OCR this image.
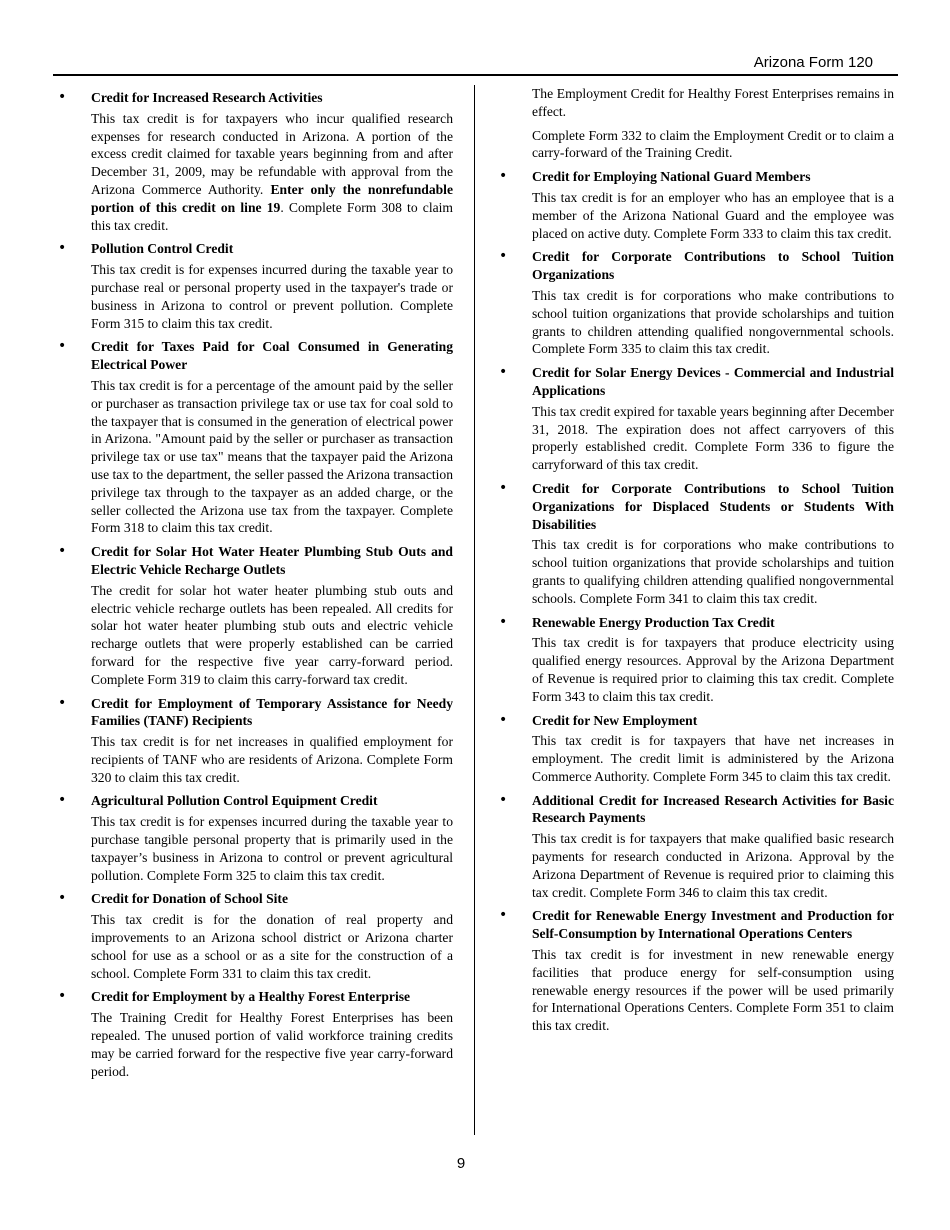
Arizona Form 120
• Credit for Increased Research Activities

This tax credit is for taxpayers who incur qualified research expenses for research conducted in Arizona. A portion of the excess credit claimed for taxable years beginning from and after December 31, 2009, may be refundable with approval from the Arizona Commerce Authority. Enter only the nonrefundable portion of this credit on line 19. Complete Form 308 to claim this tax credit.

• Pollution Control Credit

This tax credit is for expenses incurred during the taxable year to purchase real or personal property used in the taxpayer's trade or business in Arizona to control or prevent pollution. Complete Form 315 to claim this tax credit.

• Credit for Taxes Paid for Coal Consumed in Generating Electrical Power

This tax credit is for a percentage of the amount paid by the seller or purchaser as transaction privilege tax or use tax for coal sold to the taxpayer that is consumed in the generation of electrical power in Arizona. "Amount paid by the seller or purchaser as transaction privilege tax or use tax" means that the taxpayer paid the Arizona use tax to the department, the seller passed the Arizona transaction privilege tax through to the taxpayer as an added charge, or the seller collected the Arizona use tax from the taxpayer. Complete Form 318 to claim this tax credit.

• Credit for Solar Hot Water Heater Plumbing Stub Outs and Electric Vehicle Recharge Outlets

The credit for solar hot water heater plumbing stub outs and electric vehicle recharge outlets has been repealed. All credits for solar hot water heater plumbing stub outs and electric vehicle recharge outlets that were properly established can be carried forward for the respective five year carry-forward period. Complete Form 319 to claim this carry-forward tax credit.

• Credit for Employment of Temporary Assistance for Needy Families (TANF) Recipients

This tax credit is for net increases in qualified employment for recipients of TANF who are residents of Arizona. Complete Form 320 to claim this tax credit.

• Agricultural Pollution Control Equipment Credit

This tax credit is for expenses incurred during the taxable year to purchase tangible personal property that is primarily used in the taxpayer’s business in Arizona to control or prevent agricultural pollution. Complete Form 325 to claim this tax credit.

• Credit for Donation of School Site

This tax credit is for the donation of real property and improvements to an Arizona school district or Arizona charter school for use as a school or as a site for the construction of a school. Complete Form 331 to claim this tax credit.

• Credit for Employment by a Healthy Forest Enterprise

The Training Credit for Healthy Forest Enterprises has been repealed. The unused portion of valid workforce training credits may be carried forward for the respective five year carry-forward period.

The Employment Credit for Healthy Forest Enterprises remains in effect.

Complete Form 332 to claim the Employment Credit or to claim a carry-forward of the Training Credit.

• Credit for Employing National Guard Members

This tax credit is for an employer who has an employee that is a member of the Arizona National Guard and the employee was placed on active duty. Complete Form 333 to claim this tax credit.

• Credit for Corporate Contributions to School Tuition Organizations

This tax credit is for corporations who make contributions to school tuition organizations that provide scholarships and tuition grants to children attending qualified nongovernmental schools. Complete Form 335 to claim this tax credit.

• Credit for Solar Energy Devices - Commercial and Industrial Applications

This tax credit expired for taxable years beginning after December 31, 2018. The expiration does not affect carryovers of this properly established credit. Complete Form 336 to figure the carryforward of this tax credit.

• Credit for Corporate Contributions to School Tuition Organizations for Displaced Students or Students With Disabilities

This tax credit is for corporations who make contributions to school tuition organizations that provide scholarships and tuition grants to qualifying children attending qualified nongovernmental schools. Complete Form 341 to claim this tax credit.

• Renewable Energy Production Tax Credit

This tax credit is for taxpayers that produce electricity using qualified energy resources. Approval by the Arizona Department of Revenue is required prior to claiming this tax credit. Complete Form 343 to claim this tax credit.

• Credit for New Employment

This tax credit is for taxpayers that have net increases in employment. The credit limit is administered by the Arizona Commerce Authority. Complete Form 345 to claim this tax credit.

• Additional Credit for Increased Research Activities for Basic Research Payments

This tax credit is for taxpayers that make qualified basic research payments for research conducted in Arizona. Approval by the Arizona Department of Revenue is required prior to claiming this tax credit. Complete Form 346 to claim this tax credit.

• Credit for Renewable Energy Investment and Production for Self-Consumption by International Operations Centers

This tax credit is for investment in new renewable energy facilities that produce energy for self-consumption using renewable energy resources if the power will be used primarily for International Operations Centers. Complete Form 351 to claim this tax credit.

9
